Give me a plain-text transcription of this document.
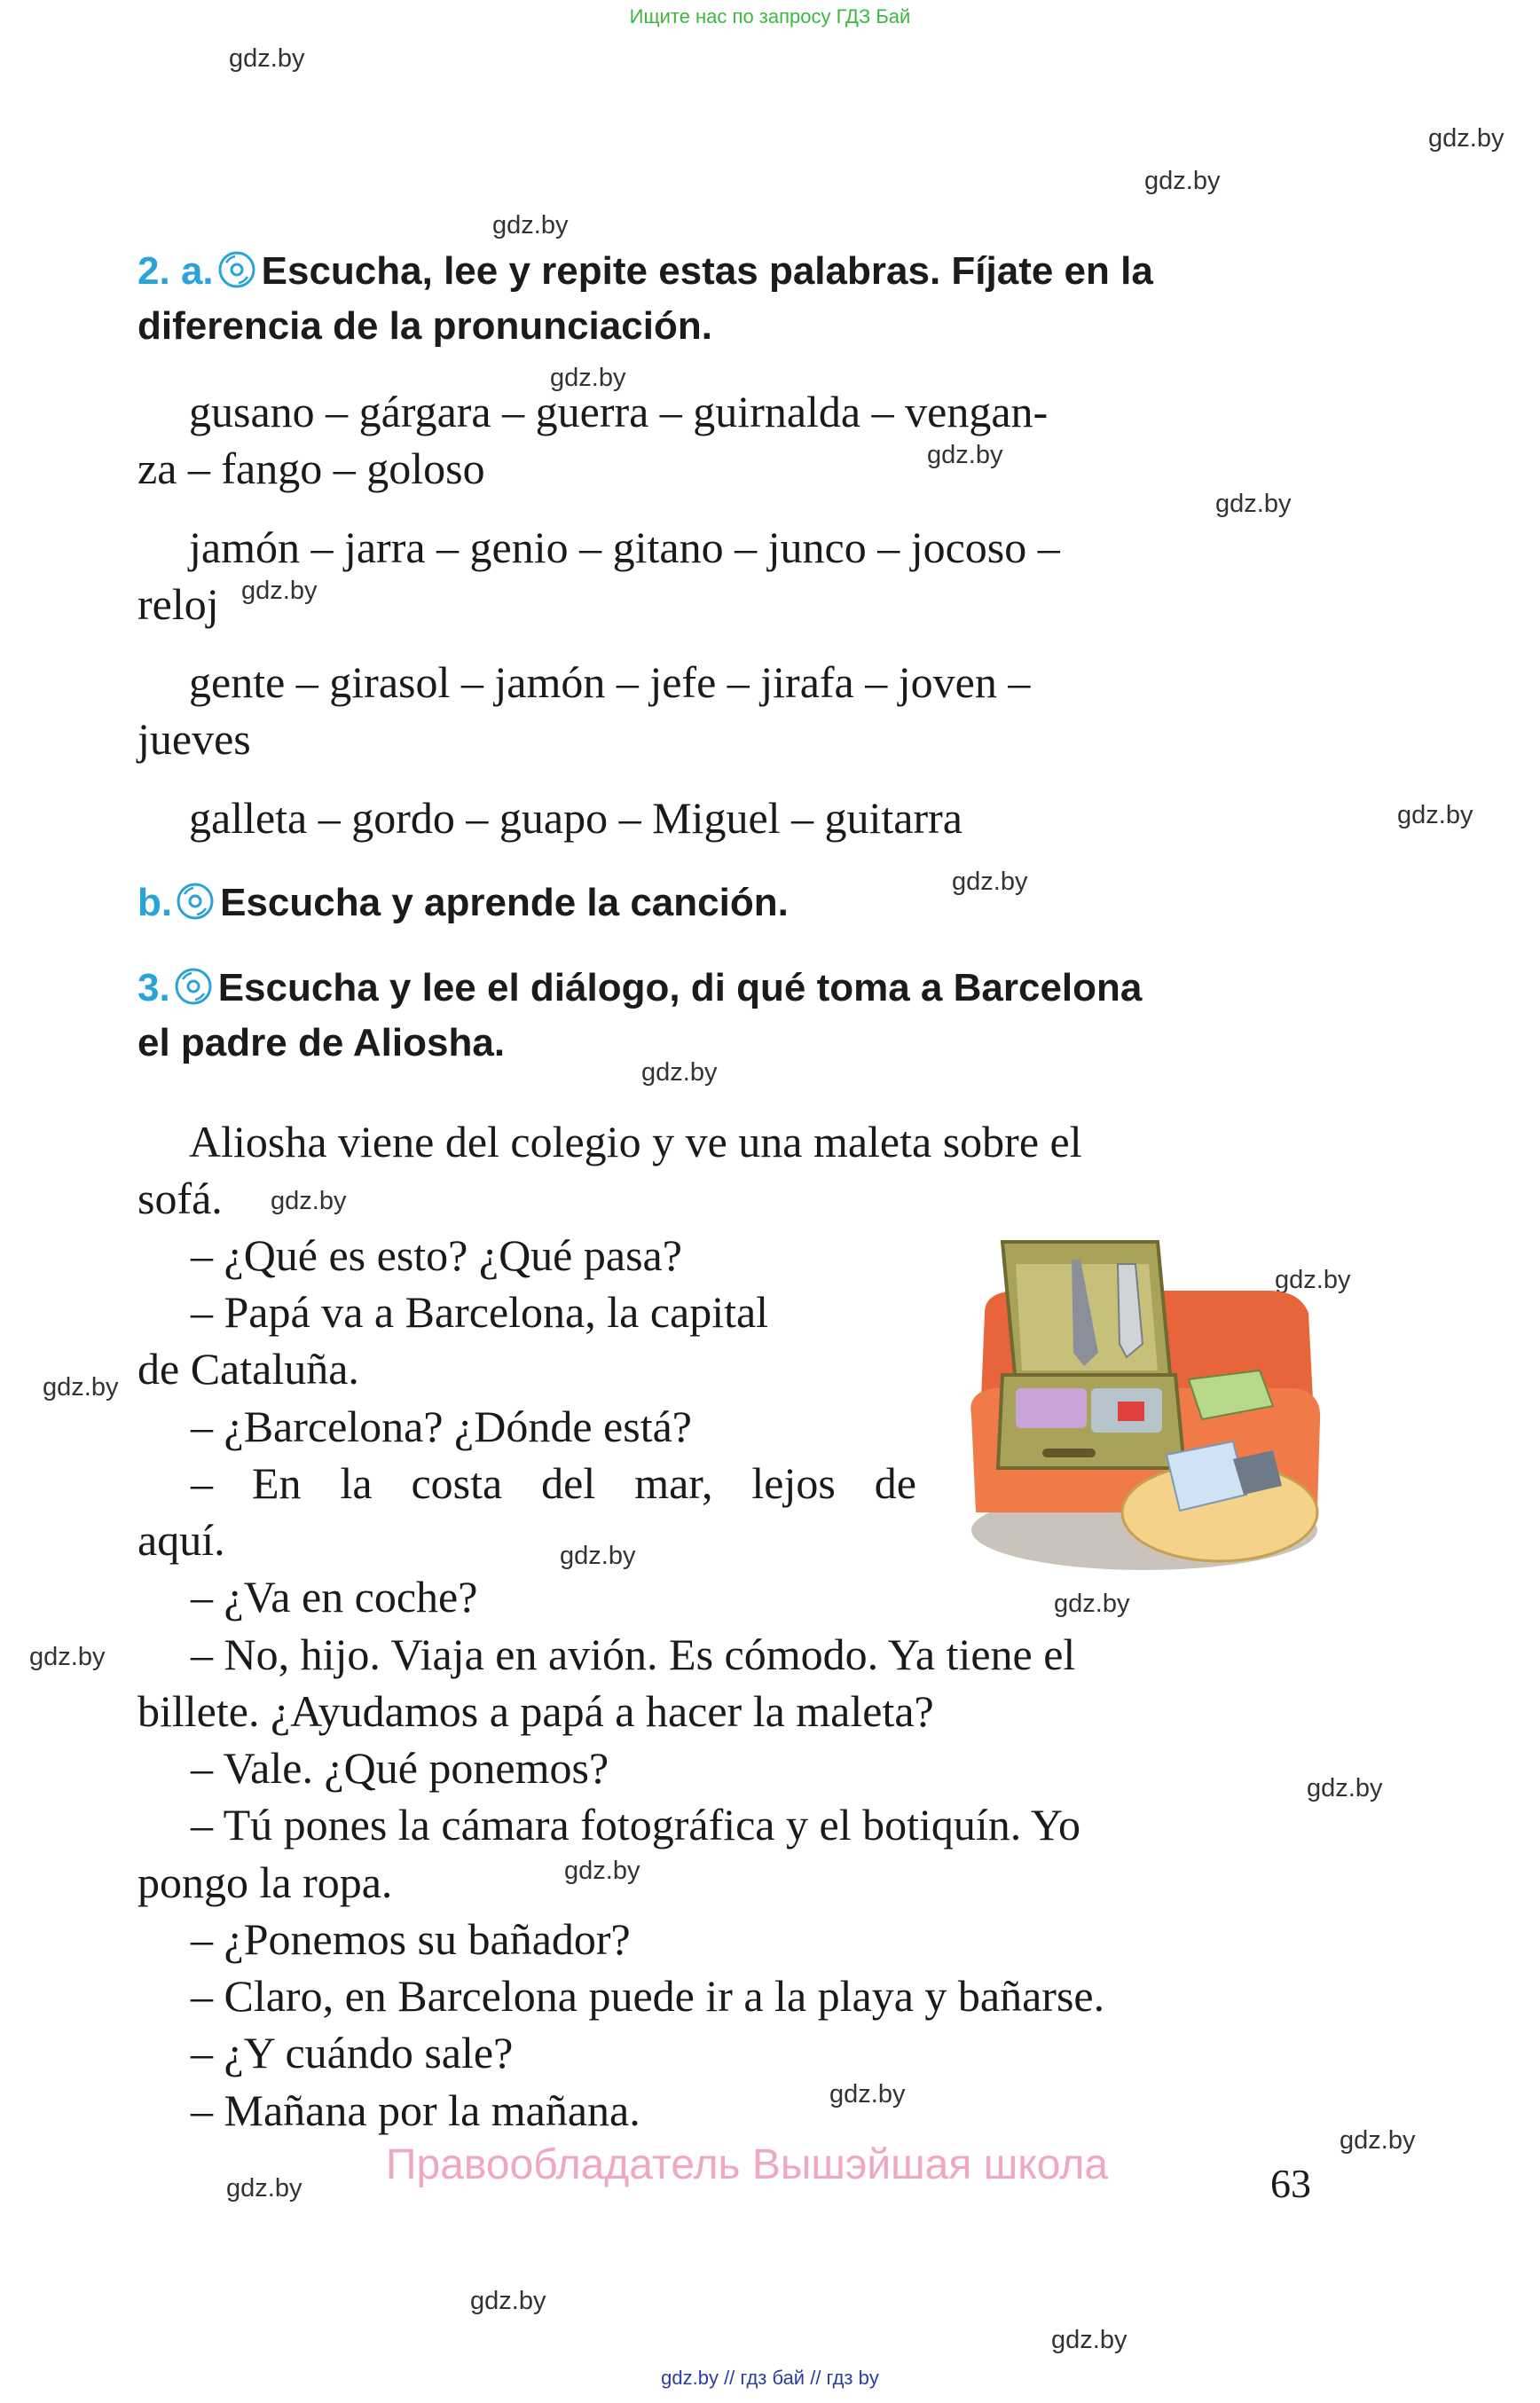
Ищите нас по запросу ГДЗ Бай
gdz.by // гдз бай // гдз by
gdz.by
gdz.by
gdz.by
gdz.by
gdz.by
gdz.by
gdz.by
gdz.by
gdz.by
gdz.by
gdz.by
gdz.by
gdz.by
gdz.by
gdz.by
gdz.by
gdz.by
gdz.by
gdz.by
gdz.by
gdz.by
gdz.by
gdz.by
gdz.by
2. a. Escucha, lee y repite estas palabras. Fíjate en la
diferencia de la pronunciación.
gusano – gárgara – guerra – guirnalda – vengan-
za – fango – goloso
jamón – jarra – genio – gitano – junco – jocoso –
reloj
gente – girasol – jamón – jefe – jirafa – joven –
jueves
galleta – gordo – guapo – Miguel – guitarra
b. Escucha y aprende la canción.
3. Escucha y lee el diálogo, di qué toma a Barcelona
el padre de Aliosha.
Aliosha viene del colegio y ve una maleta sobre el
sofá.
– ¿Qué es esto? ¿Qué pasa?
– Papá va a Barcelona, la capital
de Cataluña.
– ¿Barcelona? ¿Dónde está?
– En la costa del mar, lejos de
aquí.
– ¿Va en coche?
– No, hijo. Viaja en avión. Es cómodo. Ya tiene el
billete. ¿Ayudamos a papá a hacer la maleta?
– Vale. ¿Qué ponemos?
– Tú pones la cámara fotográfica y el botiquín. Yo
pongo la ropa.
– ¿Ponemos su bañador?
– Claro, en Barcelona puede ir a la playa y bañarse.
– ¿Y cuándo sale?
– Mañana por la mañana.
Правообладатель Вышэйшая школа	63
